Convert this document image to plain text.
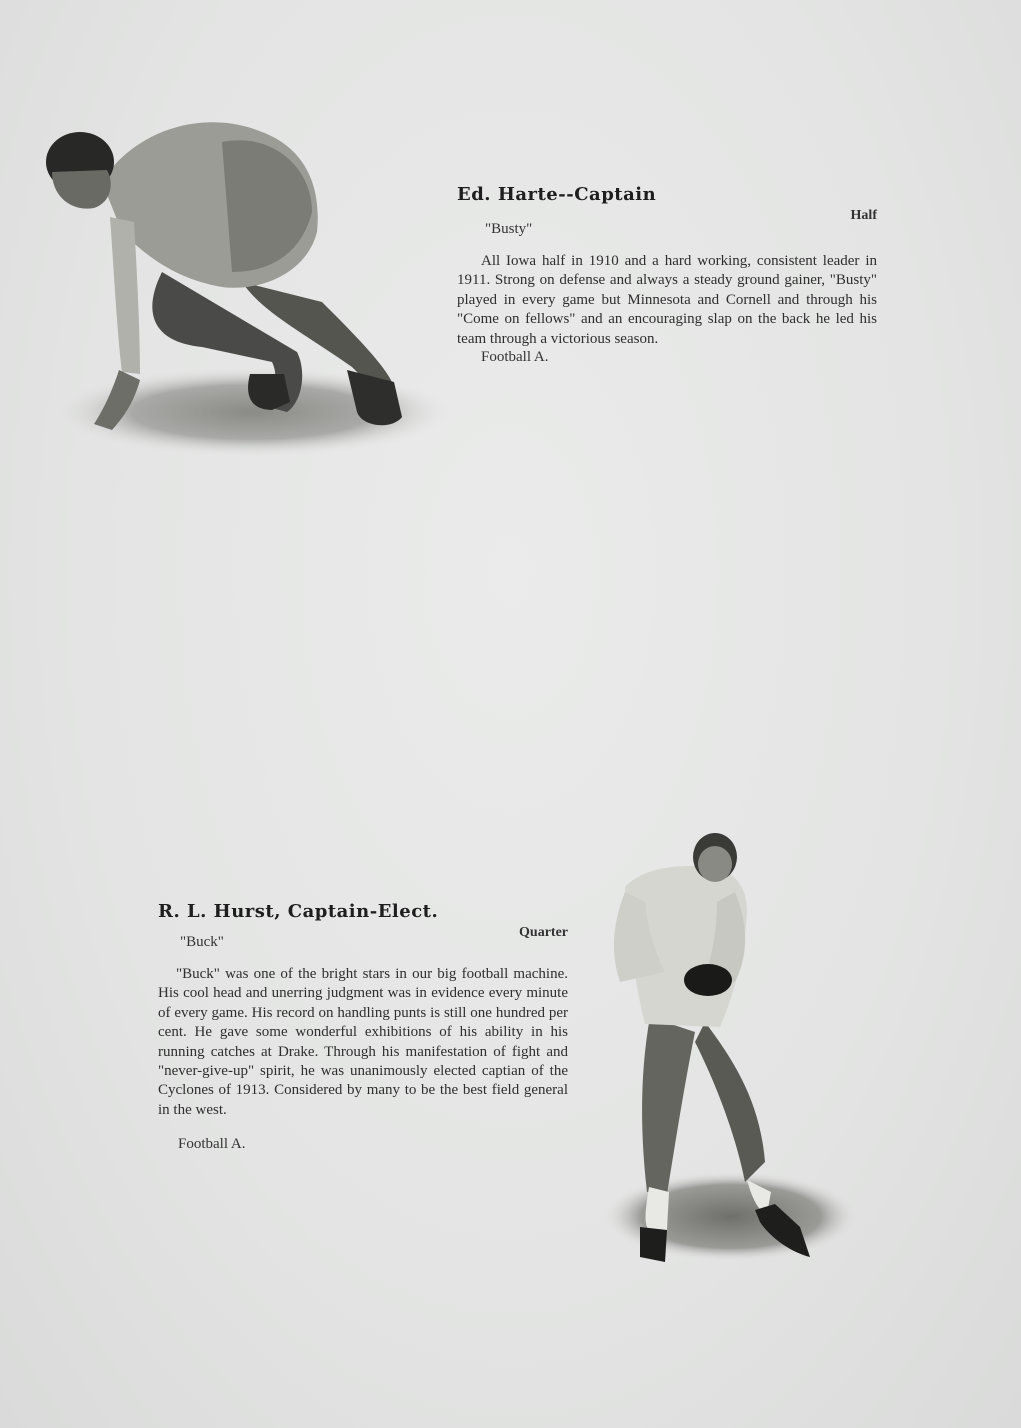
Ed. Harte--Captain
Half
"Busty"

All Iowa half in 1910 and a hard working, consistent leader in 1911. Strong on defense and always a steady ground gainer, "Busty" played in every game but Minnesota and Cornell and through his "Come on fellows" and an encouraging slap on the back he led his team through a victorious season.

Football A.
R. L. Hurst, Captain-Elect.
Quarter
"Buck"

"Buck" was one of the bright stars in our big football machine. His cool head and unerring judgment was in evidence every minute of every game. His record on handling punts is still one hundred per cent. He gave some wonderful exhibitions of his ability in his running catches at Drake. Through his manifestation of fight and "never-give-up" spirit, he was unanimously elected captian of the Cyclones of 1913. Considered by many to be the best field general in the west.

Football A.
